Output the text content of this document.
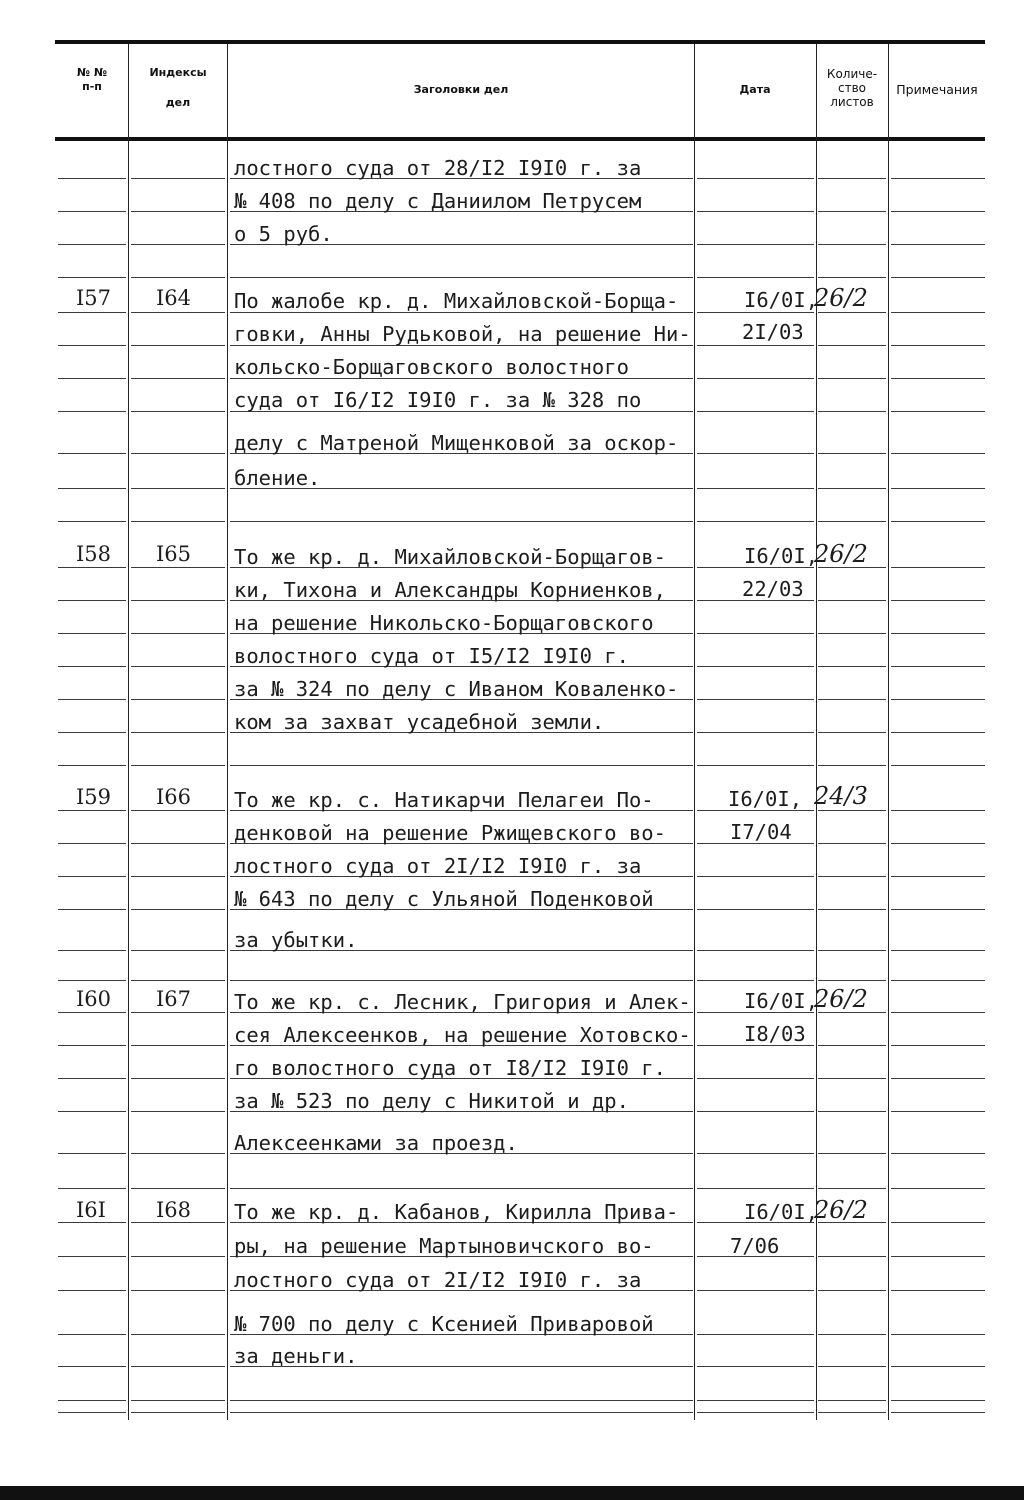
№ №
п-п
Индексы
дел
Заголовки дел	Дата
Количе-
ство
листов
Примечания
лостного суда от 28/I2 I9I0 г. за
№ 408 по делу с Даниилом Петрусем
о 5 руб.
I57 I64 По жалобе кр. д. Михайловской-Борща-
говки, Анны Рудьковой, на решение Ни-
кольско-Борщаговского волостного
суда от I6/I2 I9I0 г. за № 328 по
делу с Матреной Мищенковой за оскор-
бление.
I6/0I,
2I/03
26/2
I58 I65 То же кр. д. Михайловской-Борщагов-
ки, Тихона и Александры Корниенков,
на решение Никольско-Борщаговского
волостного суда от I5/I2 I9I0 г.
за № 324 по делу с Иваном Коваленко-
ком за захват усадебной земли.
I6/0I,
22/03
26/2
I59 I66 То же кр. с. Натикарчи Пелагеи По-
денковой на решение Ржищевского во-
лостного суда от 2I/I2 I9I0 г. за
№ 643 по делу с Ульяной Поденковой
за убытки.
I6/0I,
I7/04
24/3
I60 I67 То же кр. с. Лесник, Григория и Алек-
сея Алексеенков, на решение Хотовско-
го волостного суда от I8/I2 I9I0 г.
за № 523 по делу с Никитой и др.
Алексеенками за проезд.
I6/0I,
I8/03
26/2
I6I I68 То же кр. д. Кабанов, Кирилла Прива-
ры, на решение Мартыновичского во-
лостного суда от 2I/I2 I9I0 г. за
№ 700 по делу с Ксенией Приваровой
за деньги.
I6/0I,
7/06
26/2
